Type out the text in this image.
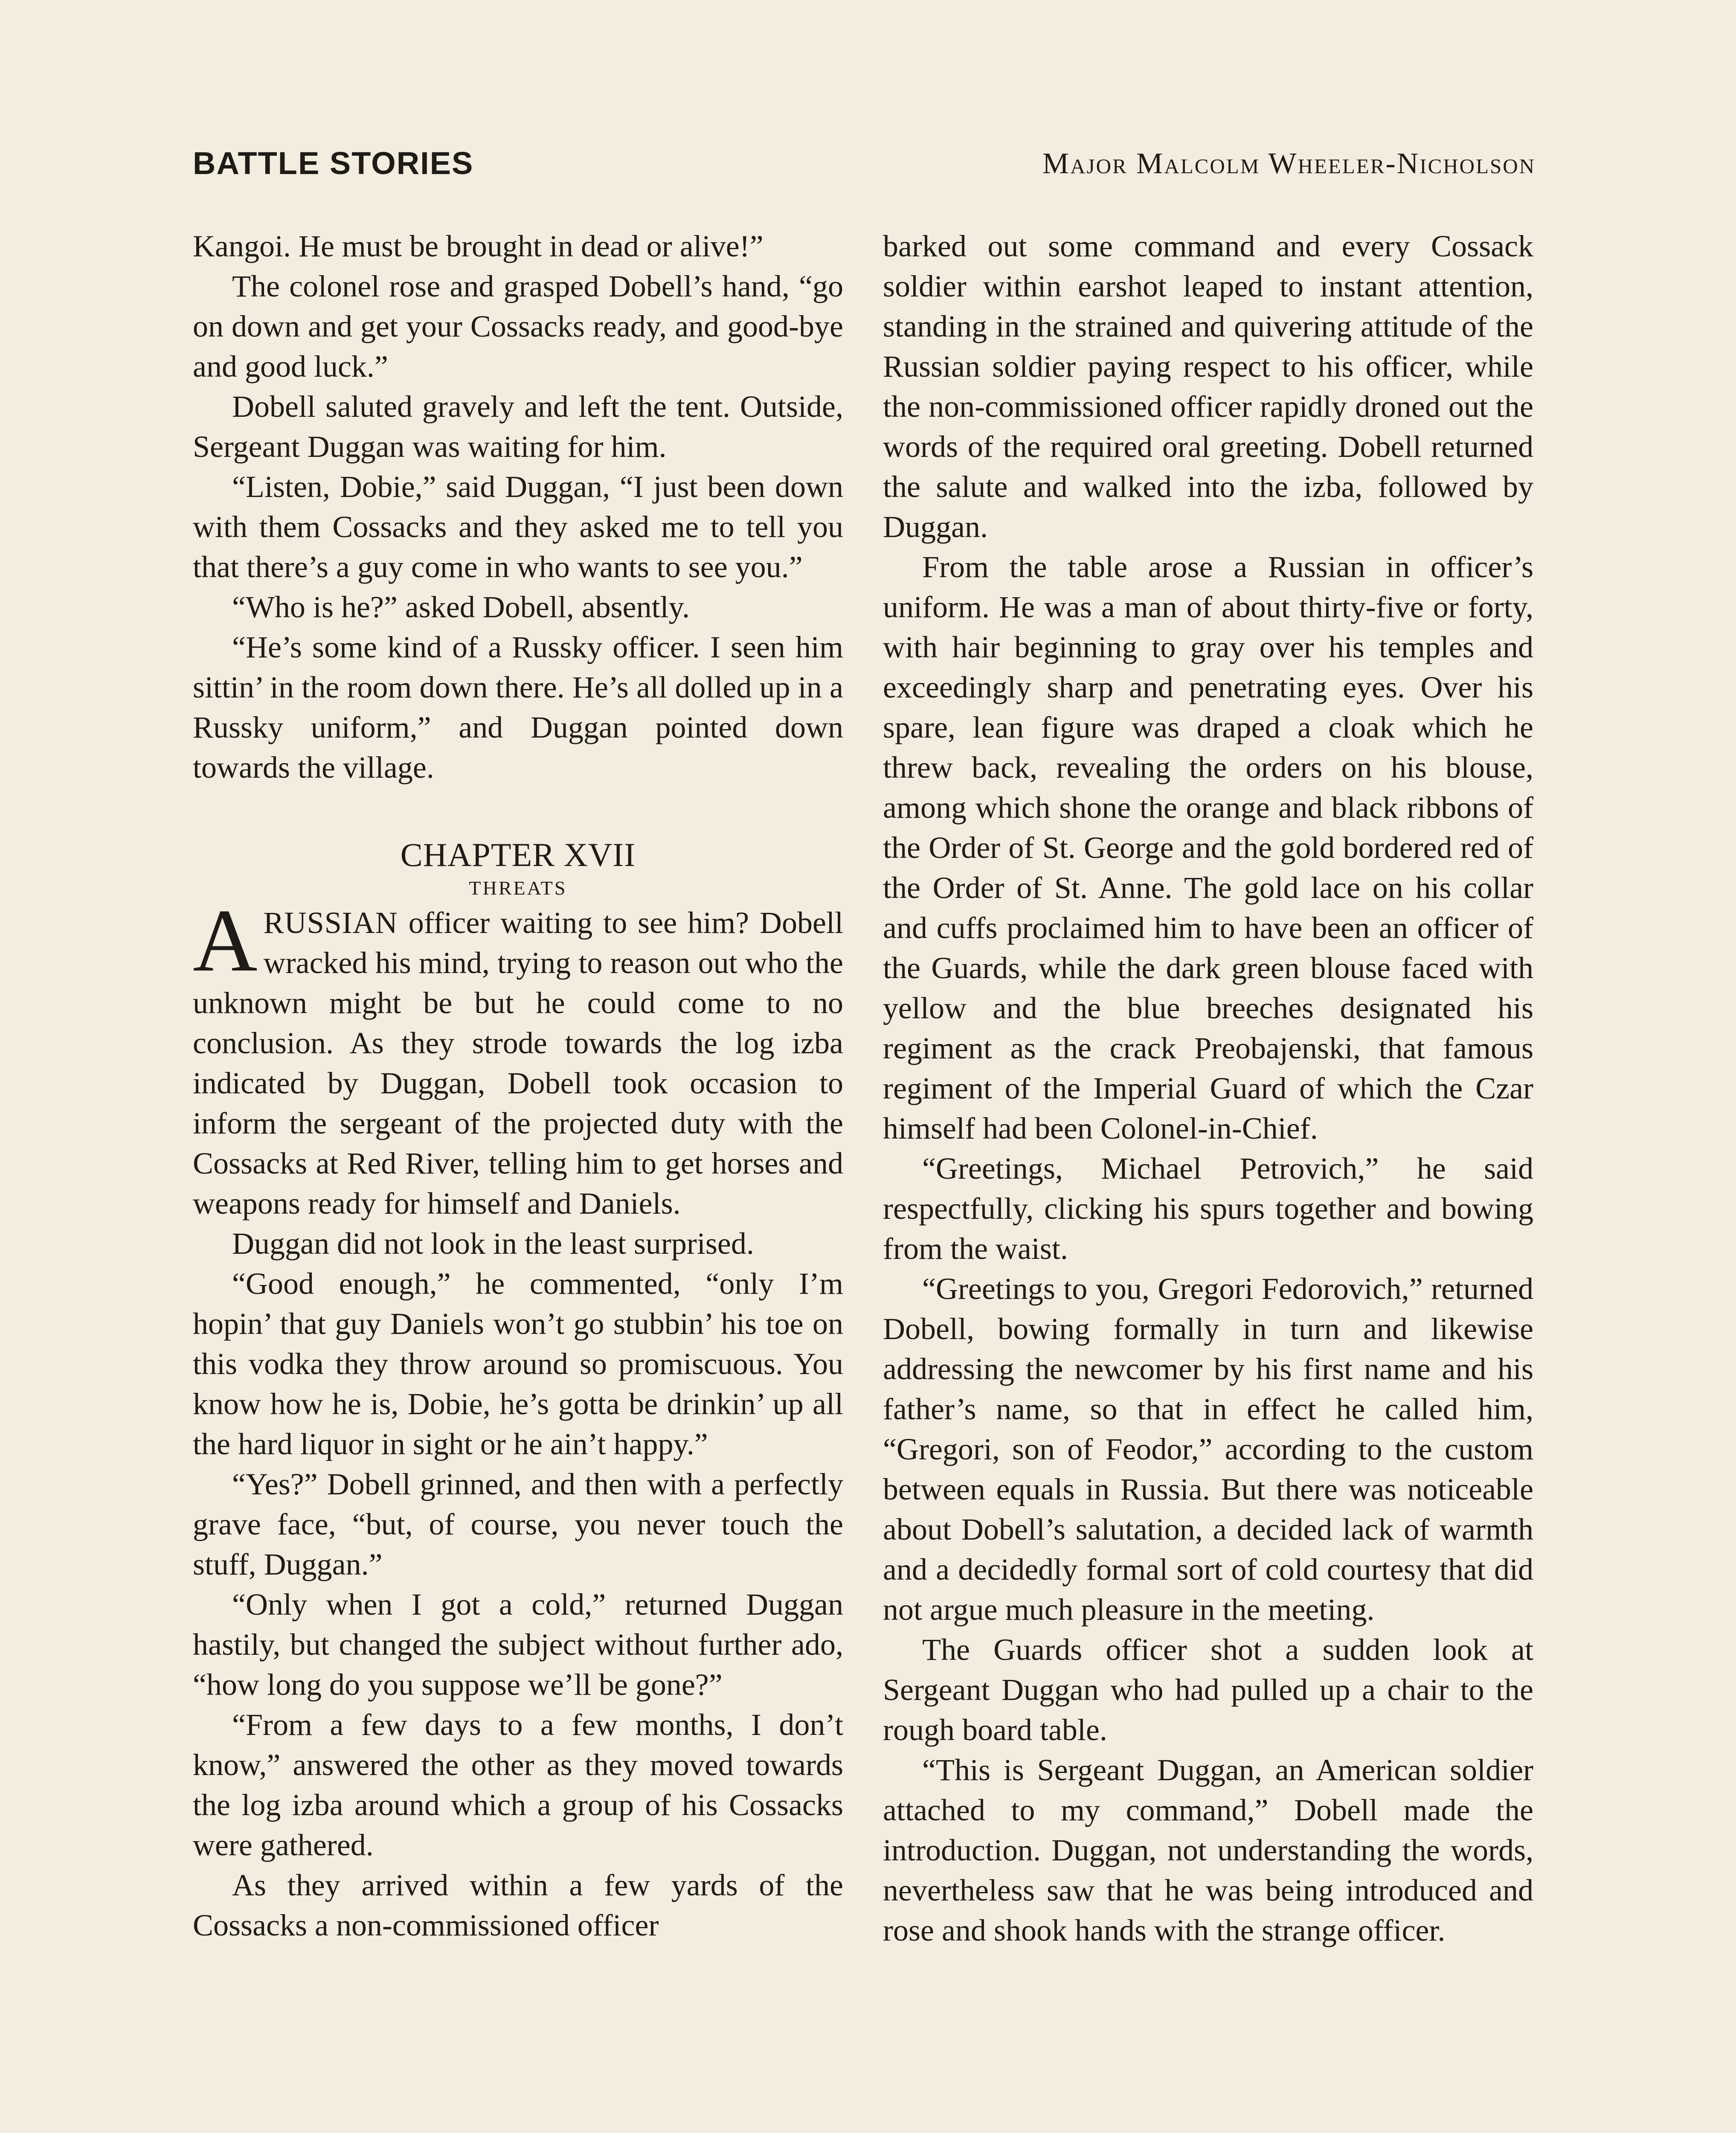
BATTLE STORIES	Major Malcolm Wheeler-Nicholson

Kangoi. He must be brought in dead or alive!”

The colonel rose and grasped Dobell’s hand, “go on down and get your Cossacks ready, and good-bye and good luck.”

Dobell saluted gravely and left the tent. Outside, Sergeant Duggan was waiting for him.

“Listen, Dobie,” said Duggan, “I just been down with them Cossacks and they asked me to tell you that there’s a guy come in who wants to see you.”

“Who is he?” asked Dobell, absently.

“He’s some kind of a Russky officer. I seen him sittin’ in the room down there. He’s all dolled up in a Russky uniform,” and Duggan pointed down towards the village.

CHAPTER XVII
THREATS

ARUSSIAN officer waiting to see him? Dobell wracked his mind, trying to reason out who the unknown might be but he could come to no conclusion. As they strode towards the log izba indicated by Duggan, Dobell took occasion to inform the sergeant of the projected duty with the Cossacks at Red River, telling him to get horses and weapons ready for himself and Daniels.

Duggan did not look in the least surprised.

“Good enough,” he commented, “only I’m hopin’ that guy Daniels won’t go stubbin’ his toe on this vodka they throw around so promiscuous. You know how he is, Dobie, he’s gotta be drinkin’ up all the hard liquor in sight or he ain’t happy.”

“Yes?” Dobell grinned, and then with a perfectly grave face, “but, of course, you never touch the stuff, Duggan.”

“Only when I got a cold,” returned Duggan hastily, but changed the subject without further ado, “how long do you suppose we’ll be gone?”

“From a few days to a few months, I don’t know,” answered the other as they moved towards the log izba around which a group of his Cossacks were gathered.

As they arrived within a few yards of the Cossacks a non-commissioned officer

barked out some command and every Cossack soldier within earshot leaped to instant attention, standing in the strained and quivering attitude of the Russian soldier paying respect to his officer, while the non-commissioned officer rapidly droned out the words of the required oral greeting. Dobell returned the salute and walked into the izba, followed by Duggan.

From the table arose a Russian in officer’s uniform. He was a man of about thirty-five or forty, with hair beginning to gray over his temples and exceedingly sharp and penetrating eyes. Over his spare, lean figure was draped a cloak which he threw back, revealing the orders on his blouse, among which shone the orange and black ribbons of the Order of St. George and the gold bordered red of the Order of St. Anne. The gold lace on his collar and cuffs proclaimed him to have been an officer of the Guards, while the dark green blouse faced with yellow and the blue breeches designated his regiment as the crack Preobajenski, that famous regiment of the Imperial Guard of which the Czar himself had been Colonel-in-Chief.

“Greetings, Michael Petrovich,” he said respectfully, clicking his spurs together and bowing from the waist.

“Greetings to you, Gregori Fedorovich,” returned Dobell, bowing formally in turn and likewise addressing the newcomer by his first name and his father’s name, so that in effect he called him, “Gregori, son of Feodor,” according to the custom between equals in Russia. But there was noticeable about Dobell’s salutation, a decided lack of warmth and a decidedly formal sort of cold courtesy that did not argue much pleasure in the meeting.

The Guards officer shot a sudden look at Sergeant Duggan who had pulled up a chair to the rough board table.

“This is Sergeant Duggan, an American soldier attached to my command,” Dobell made the introduction. Duggan, not understanding the words, nevertheless saw that he was being introduced and rose and shook hands with the strange officer.
